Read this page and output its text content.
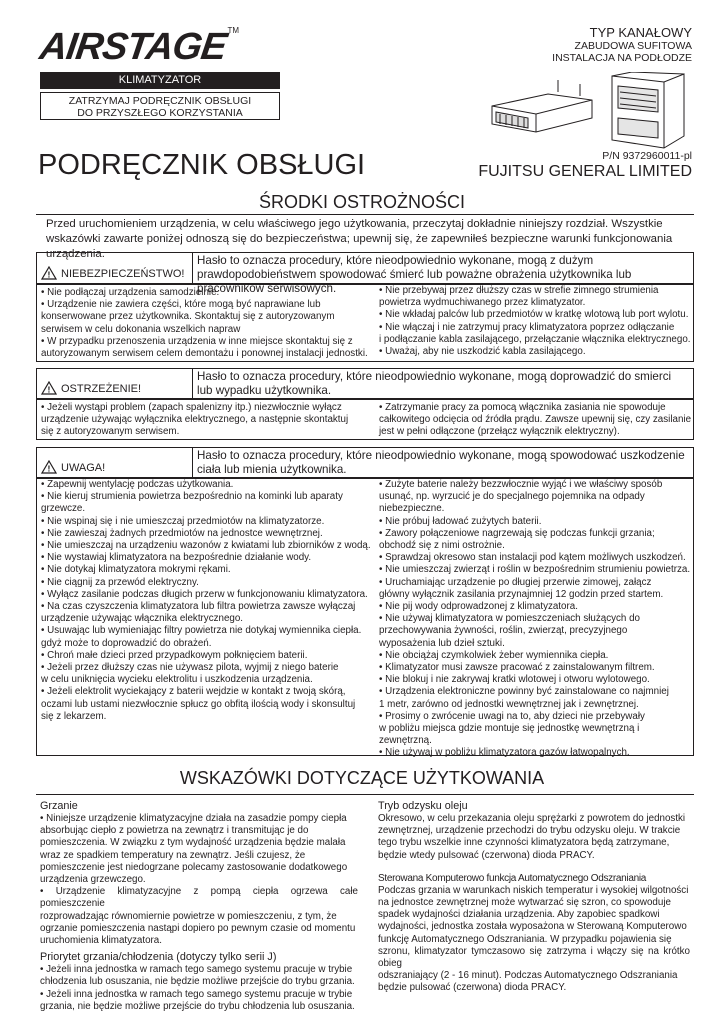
AIRSTAGE™
KLIMATYZATOR
ZATRZYMAJ PODRĘCZNIK OBSŁUGI
DO PRZYSZŁEGO KORZYSTANIA
TYP KANAŁOWY
ZABUDOWA SUFITOWA
INSTALACJA NA PODŁODZE
PODRĘCZNIK OBSŁUGI	P/N 9372960011-pl
FUJITSU GENERAL LIMITED
ŚRODKI OSTROŻNOŚCI
Przed uruchomieniem urządzenia, w celu właściwego jego użytkowania, przeczytaj dokładnie niniejszy rozdział. Wszystkie wskazówki zawarte poniżej odnoszą się do bezpieczeństwa; upewnij się, że zapewniłeś bezpieczne warunki funkcjonowania urządzenia.
! NIEBEZPIECZEŃSTWO!
Hasło to oznacza procedury, które nieodpowiednio wykonane, mogą z dużym prawdopodobieństwem spowodować śmierć lub poważne obrażenia użytkownika lub pracowników serwisowych.

• Nie podłączaj urządzenia samodzielnie.

• Urządzenie nie zawiera części, które mogą być naprawiane lub

konserwowane przez użytkownika. Skontaktuj się z autoryzowanym

serwisem w celu dokonania wszelkich napraw

• W przypadku przenoszenia urządzenia w inne miejsce skontaktuj się z

autoryzowanym serwisem celem demontażu i ponownej instalacji jednostki.

• Nie przebywaj przez dłuższy czas w strefie zimnego strumienia

powietrza wydmuchiwanego przez klimatyzator.

• Nie wkładaj palców lub przedmiotów w kratkę wlotową lub port wylotu.

• Nie włączaj i nie zatrzymuj pracy klimatyzatora poprzez odłączanie

i podłączanie kabla zasilającego, przełączanie włącznika elektrycznego.

• Uważaj, aby nie uszkodzić kabla zasilającego.

! OSTRZEŻENIE!
Hasło to oznacza procedury, które nieodpowiednio wykonane, mogą doprowadzić do smierci lub wypadku użytkownika.

• Jeżeli wystąpi problem (zapach spalenizny itp.) niezwłocznie wyłącz

urządzenie używając wyłącznika elektrycznego, a następnie skontaktuj

się z autoryzowanym serwisem.

• Zatrzymanie pracy za pomocą włącznika zasiania nie spowoduje

całkowitego odcięcia od źródła prądu. Zawsze upewnij się, czy zasilanie

jest w pełni odłączone (przełącz wyłącznik elektryczny).

! UWAGA!
Hasło to oznacza procedury, które nieodpowiednio wykonane, mogą spowodować uszkodzenie ciała lub mienia użytkownika.

• Zapewnij wentylację podczas użytkowania.

• Nie kieruj strumienia powietrza bezpośrednio na kominki lub aparaty

grzewcze.

• Nie wspinaj się i nie umieszczaj przedmiotów na klimatyzatorze.

• Nie zawieszaj żadnych przedmiotów na jednostce wewnętrznej.

• Nie umieszczaj na urządzeniu wazonów z kwiatami lub zbiorników z wodą.

• Nie wystawiaj klimatyzatora na bezpośrednie działanie wody.

• Nie dotykaj klimatyzatora mokrymi rękami.

• Nie ciągnij za przewód elektryczny.

• Wyłącz zasilanie podczas długich przerw w funkcjonowaniu klimatyzatora.

• Na czas czyszczenia klimatyzatora lub filtra powietrza zawsze wyłączaj

urządzenie używając włącznika elektrycznego.

• Usuwając lub wymieniając filtry powietrza nie dotykaj wymiennika ciepła.

gdyż może to doprowadzić do obrażeń.

• Chroń małe dzieci przed przypadkowym połknięciem baterii.

• Jeżeli przez dłuższy czas nie używasz pilota, wyjmij z niego baterie

w celu uniknięcia wycieku elektrolitu i uszkodzenia urządzenia.

• Jeżeli elektrolit wyciekający z baterii wejdzie w kontakt z twoją skórą,

oczami lub ustami niezwłocznie spłucz go obfitą ilością wody i skonsultuj

się z lekarzem.

• Zużyte baterie należy bezzwłocznie wyjąć i we właściwy sposób

usunąć, np. wyrzucić je do specjalnego pojemnika na odpady

niebezpieczne.

• Nie próbuj ładować zużytych baterii.

• Zawory połączeniowe nagrzewają się podczas funkcji grzania;

obchodź się z nimi ostrożnie.

• Sprawdzaj okresowo stan instalacji pod kątem możliwych uszkodzeń.

• Nie umieszczaj zwierząt i roślin w bezpośrednim strumieniu powietrza.

• Uruchamiając urządzenie po długiej przerwie zimowej, załącz

główny wyłącznik zasilania przynajmniej 12 godzin przed startem.

• Nie pij wody odprowadzonej z klimatyzatora.

• Nie używaj klimatyzatora w pomieszczeniach służących do

przechowywania żywności, roślin, zwierząt, precyzyjnego

wyposażenia lub dzieł sztuki.

• Nie obciążaj czymkolwiek żeber wymiennika ciepła.

• Klimatyzator musi zawsze pracować z zainstalowanym filtrem.

• Nie blokuj i nie zakrywaj kratki wlotowej i otworu wylotowego.

• Urządzenia elektroniczne powinny być zainstalowane co najmniej

1 metr, zarówno od jednostki wewnętrznej jak i zewnętrznej.

• Prosimy o zwrócenie uwagi na to, aby dzieci nie przebywały

w pobliżu miejsca gdzie montuje się jednostkę wewnętrzną i

zewnętrzną.

• Nie używaj w pobliżu klimatyzatora gazów łatwopalnych.

WSKAZÓWKI DOTYCZĄCE UŻYTKOWANIA
Grzanie

• Niniejsze urządzenie klimatyzacyjne działa na zasadzie pompy ciepła

absorbując ciepło z powietrza na zewnątrz i transmitując je do

pomieszczenia. W związku z tym wydajność urządzenia będzie malała

wraz ze spadkiem temperatury na zewnątrz. Jeśli czujesz, że

pomieszczenie jest niedogrzane polecamy zastosowanie dodatkowego

urządzenia grzewczego.

• Urządzenie klimatyzacyjne z pompą ciepła ogrzewa całe pomieszczenie

rozprowadzając równomiernie powietrze w pomieszczeniu, z tym, że

ogrzanie pomieszczenia nastąpi dopiero po pewnym czasie od momentu

uruchomienia klimatyzatora.

Priorytet grzania/chłodzenia (dotyczy tylko serii J)

• Jeżeli inna jednostka w ramach tego samego systemu pracuje w trybie

chłodzenia lub osuszania, nie będzie możliwe przejście do trybu grzania.

• Jeżeli inna jednostka w ramach tego samego systemu pracuje w trybie

grzania, nie będzie możliwe przejście do trybu chłodzenia lub osuszania.

Tryb odzysku oleju

Okresowo, w celu przekazania oleju sprężarki z powrotem do jednostki

zewnętrznej, urządzenie przechodzi do trybu odzysku oleju. W trakcie

tego trybu wszelkie inne czynności klimatyzatora będą zatrzymane,

będzie wtedy pulsować (czerwona) dioda PRACY.

Sterowana Komputerowo funkcja Automatycznego Odszraniania

Podczas grzania w warunkach niskich temperatur i wysokiej wilgotności

na jednostce zewnętrznej może wytwarzać się szron, co spowoduje

spadek wydajności działania urządzenia. Aby zapobiec spadkowi

wydajności, jednostka została wyposażona w Sterowaną Komputerowo

funkcję Automatycznego Odszraniania. W przypadku pojawienia się

szronu, klimatyzator tymczasowo się zatrzyma i włączy się na krótko obieg

odszraniający (2 - 16 minut). Podczas Automatycznego Odszraniania

będzie pulsować (czerwona) dioda PRACY.
